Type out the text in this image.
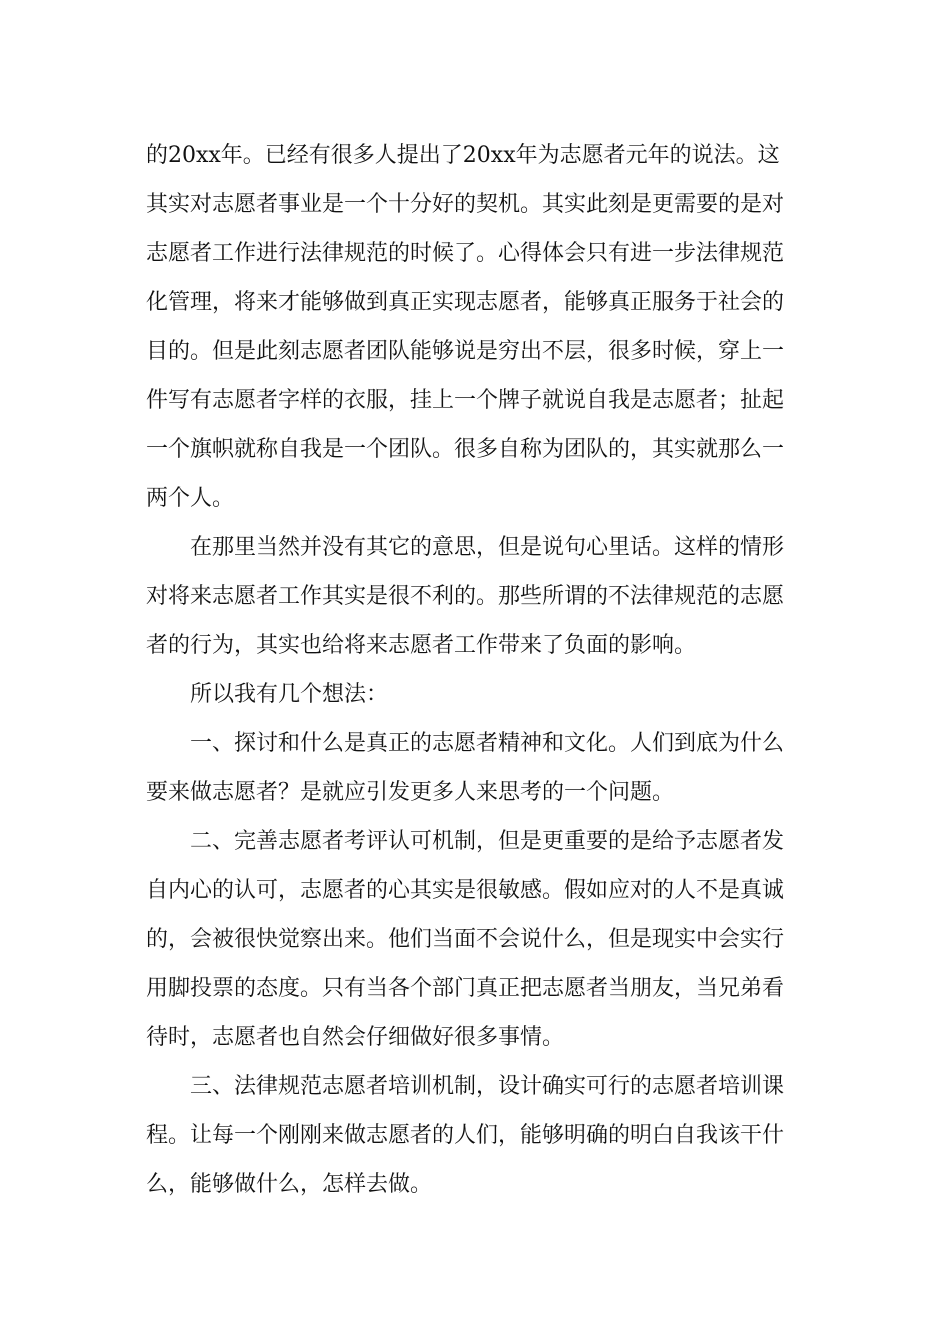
的20xx年。已经有很多人提出了20xx年为志愿者元年的说法。这
其实对志愿者事业是一个十分好的契机。其实此刻是更需要的是对
志愿者工作进行法律规范的时候了。心得体会只有进一步法律规范
化管理，将来才能够做到真正实现志愿者，能够真正服务于社会的
目的。但是此刻志愿者团队能够说是穷出不层，很多时候，穿上一
件写有志愿者字样的衣服，挂上一个牌子就说自我是志愿者；扯起
一个旗帜就称自我是一个团队。很多自称为团队的，其实就那么一
两个人。
　　在那里当然并没有其它的意思，但是说句心里话。这样的情形
对将来志愿者工作其实是很不利的。那些所谓的不法律规范的志愿
者的行为，其实也给将来志愿者工作带来了负面的影响。
　　所以我有几个想法：
　　一、探讨和什么是真正的志愿者精神和文化。人们到底为什么
要来做志愿者？是就应引发更多人来思考的一个问题。
　　二、完善志愿者考评认可机制，但是更重要的是给予志愿者发
自内心的认可，志愿者的心其实是很敏感。假如应对的人不是真诚
的，会被很快觉察出来。他们当面不会说什么，但是现实中会实行
用脚投票的态度。只有当各个部门真正把志愿者当朋友，当兄弟看
待时，志愿者也自然会仔细做好很多事情。
　　三、法律规范志愿者培训机制，设计确实可行的志愿者培训课
程。让每一个刚刚来做志愿者的人们，能够明确的明白自我该干什
么，能够做什么，怎样去做。
